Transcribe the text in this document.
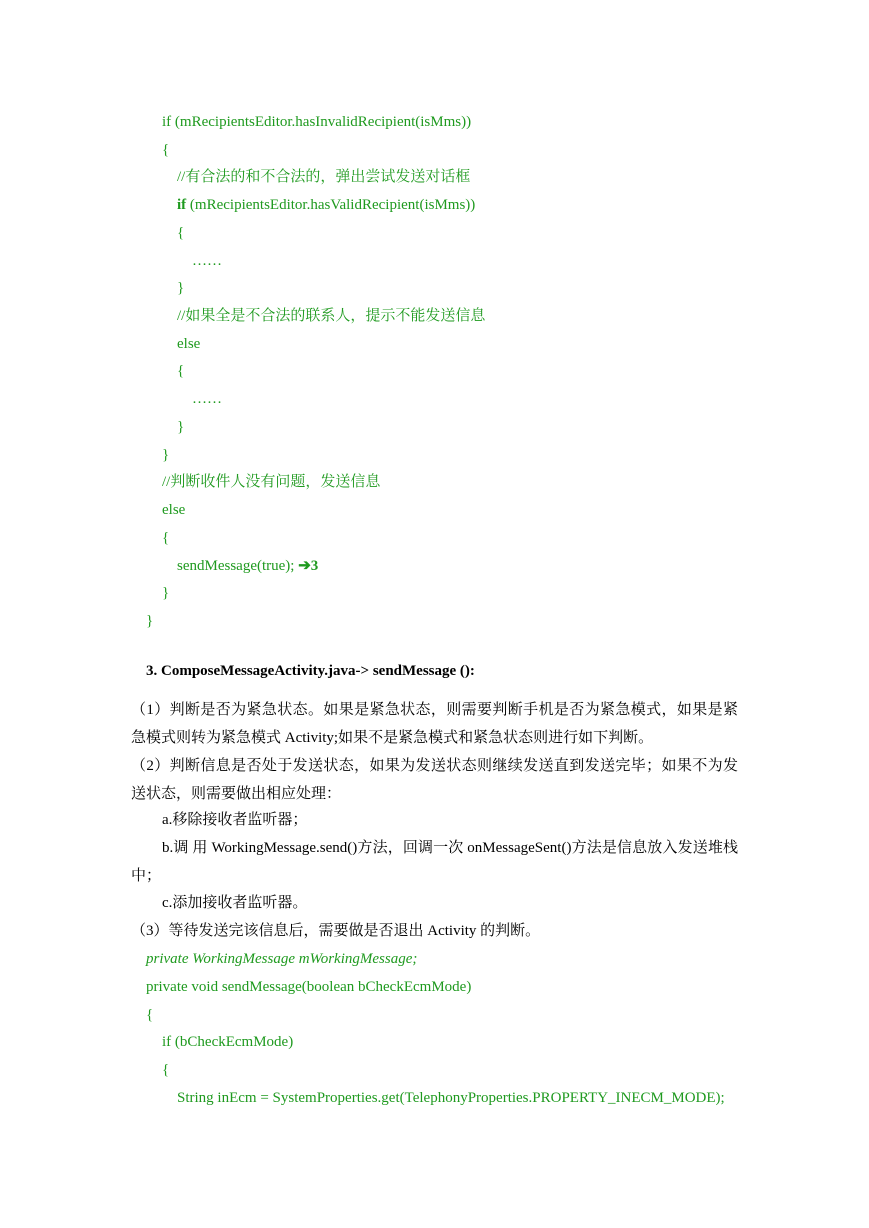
if (mRecipientsEditor.hasInvalidRecipient(isMms))
{
//有合法的和不合法的，弹出尝试发送对话框
if (mRecipientsEditor.hasValidRecipient(isMms))
{
……
}
//如果全是不合法的联系人，提示不能发送信息
else
{
……
}
}
//判断收件人没有问题，发送信息
else
{
sendMessage(true); ➔3
}
}
3. ComposeMessageActivity.java-> sendMessage ():
（1）判断是否为紧急状态。如果是紧急状态，则需要判断手机是否为紧急模式，如果是紧急模式则转为紧急模式 Activity;如果不是紧急模式和紧急状态则进行如下判断。
（2）判断信息是否处于发送状态，如果为发送状态则继续发送直到发送完毕；如果不为发送状态，则需要做出相应处理：
a.移除接收者监听器；
b.调 用 WorkingMessage.send()方法，回调一次 onMessageSent()方法是信息放入发送堆栈中；
c.添加接收者监听器。
（3）等待发送完该信息后，需要做是否退出 Activity 的判断。
private WorkingMessage mWorkingMessage;
private void sendMessage(boolean bCheckEcmMode)
{
if (bCheckEcmMode)
{
String inEcm = SystemProperties.get(TelephonyProperties.PROPERTY_INECM_MODE);
